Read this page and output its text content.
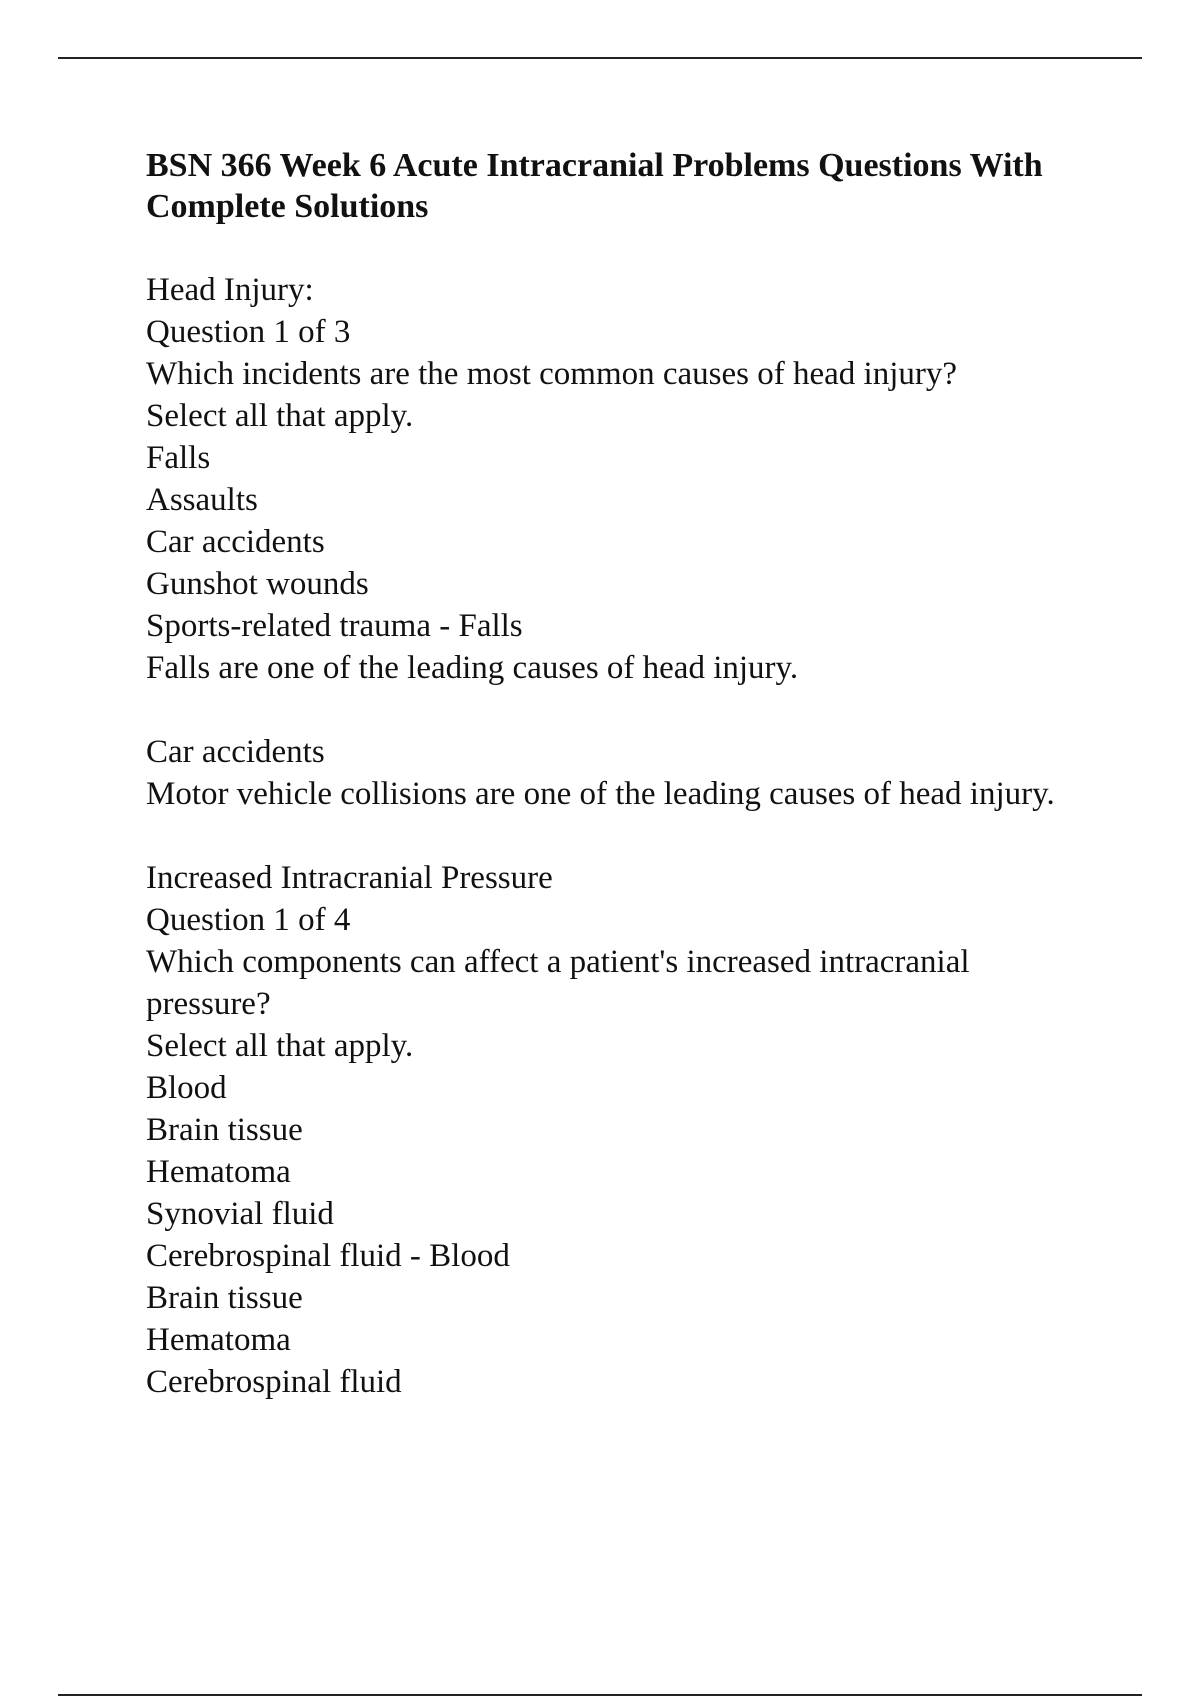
BSN 366 Week 6 Acute Intracranial Problems Questions With Complete Solutions
Head Injury:
Question 1 of 3
Which incidents are the most common causes of head injury?
Select all that apply.
Falls
Assaults
Car accidents
Gunshot wounds
Sports-related trauma - Falls
Falls are one of the leading causes of head injury.
Car accidents
Motor vehicle collisions are one of the leading causes of head injury.
Increased Intracranial Pressure
Question 1 of 4
Which components can affect a patient's increased intracranial pressure?
Select all that apply.
Blood
Brain tissue
Hematoma
Synovial fluid
Cerebrospinal fluid - Blood
Brain tissue
Hematoma
Cerebrospinal fluid
